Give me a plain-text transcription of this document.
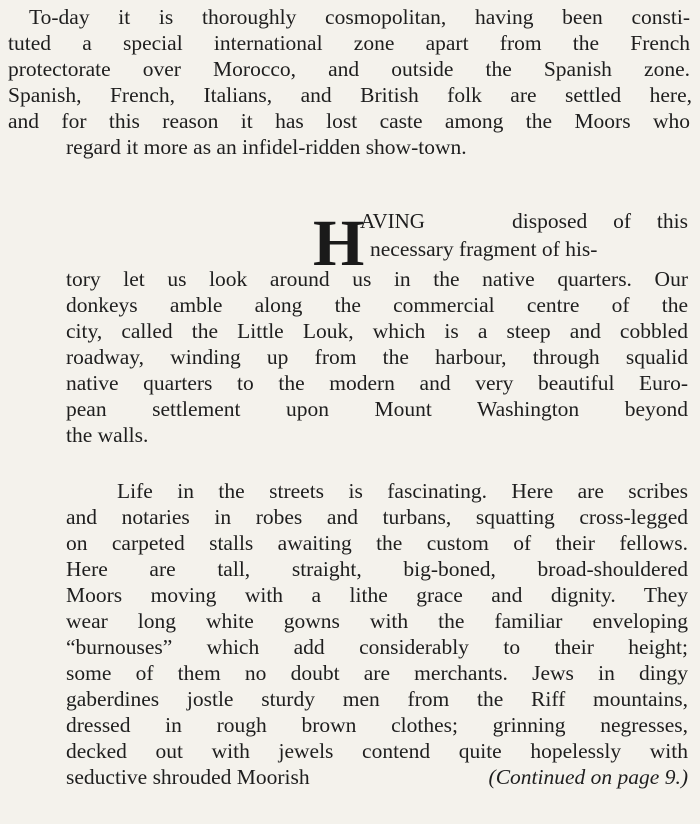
To-day it is thoroughly cosmopolitan, having been consti-
tuted a special international zone apart from the French
protectorate over Morocco, and outside the Spanish zone.
Spanish, French, Italians, and British folk are settled here,
and for this reason it has lost caste among the Moors who
regard it more as an infidel-ridden show-town.
H
AVING	disposed of this
necessary fragment of his-
tory let us look around us in the native quarters. Our
donkeys amble along the commercial centre of the
city, called the Little Louk, which is a steep and cobbled
roadway, winding up from the harbour, through squalid
native quarters to the modern and very beautiful Euro-
pean settlement upon Mount Washington beyond
the walls.
Life in the streets is fascinating. Here are scribes
and notaries in robes and turbans, squatting cross-legged
on carpeted stalls awaiting the custom of their fellows.
Here are tall, straight, big-boned, broad-shouldered
Moors moving with a lithe grace and dignity. They
wear long white gowns with the familiar enveloping
“burnouses” which add considerably to their height;
some of them no doubt are merchants. Jews in dingy
gaberdines jostle sturdy men from the Riff mountains,
dressed in rough brown clothes; grinning negresses,
decked out with jewels contend quite hopelessly with
seductive shrouded Moorish	(Continued on page 9.)
